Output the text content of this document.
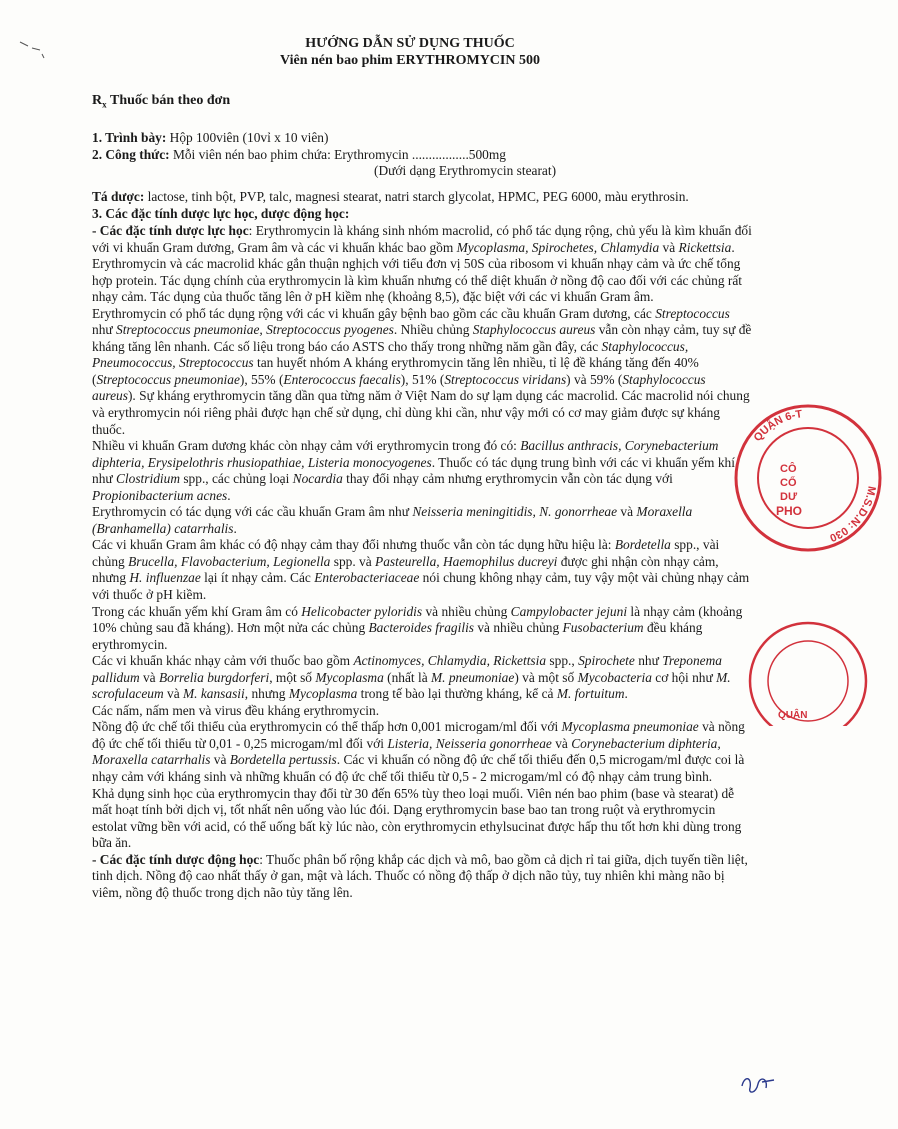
HƯỚNG DẪN SỬ DỤNG THUỐC
Viên nén bao phim ERYTHROMYCIN 500

$R_x$ Thuốc bán theo đơn

1. Trình bày: Hộp 100viên (10vỉ x 10 viên)

2. Công thức: Mỗi viên nén bao phim chứa: Erythromycin .................500mg

(Dưới dạng Erythromycin stearat)

Tá dược: lactose, tinh bột, PVP, talc, magnesi stearat, natri starch glycolat, HPMC, PEG 6000, màu erythrosin.

3. Các đặc tính dược lực học, dược động học:

- Các đặc tính dược lực học: Erythromycin là kháng sinh nhóm macrolid, có phổ tác dụng rộng, chủ yếu là kìm khuẩn đối với vi khuẩn Gram dương, Gram âm và các vi khuẩn khác bao gồm Mycoplasma, Spirochetes, Chlamydia và Rickettsia.

Erythromycin và các macrolid khác gắn thuận nghịch với tiểu đơn vị 50S của ribosom vi khuẩn nhạy cảm và ức chế tổng hợp protein. Tác dụng chính của erythromycin là kìm khuẩn nhưng có thể diệt khuẩn ở nồng độ cao đối với các chủng rất nhạy cảm. Tác dụng của thuốc tăng lên ở pH kiềm nhẹ (khoảng 8,5), đặc biệt với các vi khuẩn Gram âm.

Erythromycin có phổ tác dụng rộng với các vi khuẩn gây bệnh bao gồm các cầu khuẩn Gram dương, các Streptococcus như Streptococcus pneumoniae, Streptococcus pyogenes. Nhiều chủng Staphylococcus aureus vẫn còn nhạy cảm, tuy sự đề kháng tăng lên nhanh. Các số liệu trong báo cáo ASTS cho thấy trong những năm gần đây, các Staphylococcus, Pneumococcus, Streptococcus tan huyết nhóm A kháng erythromycin tăng lên nhiều, tỉ lệ đề kháng tăng đến 40% (Streptococcus pneumoniae), 55% (Enterococcus faecalis), 51% (Streptococcus viridans) và 59% (Staphylococcus aureus). Sự kháng erythromycin tăng dần qua từng năm ở Việt Nam do sự lạm dụng các macrolid. Các macrolid nói chung và erythromycin nói riêng phải được hạn chế sử dụng, chỉ dùng khi cần, như vậy mới có cơ may giảm được sự kháng thuốc.

Nhiều vi khuẩn Gram dương khác còn nhạy cảm với erythromycin trong đó có: Bacillus anthracis, Corynebacterium diphteria, Erysipelothris rhusiopathiae, Listeria monocyogenes. Thuốc có tác dụng trung bình với các vi khuẩn yếm khí như Clostridium spp., các chủng loại Nocardia thay đổi nhạy cảm nhưng erythromycin vẫn còn tác dụng với Propionibacterium acnes.

Erythromycin có tác dụng với các cầu khuẩn Gram âm như Neisseria meningitidis, N. gonorrheae và Moraxella (Branhamella) catarrhalis.

Các vi khuẩn Gram âm khác có độ nhạy cảm thay đổi nhưng thuốc vẫn còn tác dụng hữu hiệu là: Bordetella spp., vài chủng Brucella, Flavobacterium, Legionella spp. và Pasteurella, Haemophilus ducreyi được ghi nhận còn nhạy cảm, nhưng H. influenzae lại ít nhạy cảm. Các Enterobacteriaceae nói chung không nhạy cảm, tuy vậy một vài chủng nhạy cảm với thuốc ở pH kiềm.

Trong các khuẩn yếm khí Gram âm có Helicobacter pyloridis và nhiều chủng Campylobacter jejuni là nhạy cảm (khoảng 10% chủng sau đã kháng). Hơn một nửa các chủng Bacteroides fragilis và nhiều chủng Fusobacterium đều kháng erythromycin.

Các vi khuẩn khác nhạy cảm với thuốc bao gồm Actinomyces, Chlamydia, Rickettsia spp., Spirochete như Treponema pallidum và Borrelia burgdorferi, một số Mycoplasma (nhất là M. pneumoniae) và một số Mycobacteria cơ hội như M. scrofulaceum và M. kansasii, nhưng Mycoplasma trong tế bào lại thường kháng, kể cả M. fortuitum.

Các nấm, nấm men và virus đều kháng erythromycin.

Nồng độ ức chế tối thiểu của erythromycin có thể thấp hơn 0,001 microgam/ml đối với Mycoplasma pneumoniae và nồng độ ức chế tối thiểu từ 0,01 - 0,25 microgam/ml đối với Listeria, Neisseria gonorrheae và Corynebacterium diphteria, Moraxella catarrhalis và Bordetella pertussis. Các vi khuẩn có nồng độ ức chế tối thiểu đến 0,5 microgam/ml được coi là nhạy cảm với kháng sinh và những khuẩn có độ ức chế tối thiểu từ 0,5 - 2 microgam/ml có độ nhạy cảm trung bình.

Khả dụng sinh học của erythromycin thay đổi từ 30 đến 65% tùy theo loại muối. Viên nén bao phim (base và stearat) dễ mất hoạt tính bởi dịch vị, tốt nhất nên uống vào lúc đói. Dạng erythromycin base bao tan trong ruột và erythromycin estolat vững bền với acid, có thể uống bất kỳ lúc nào, còn erythromycin ethylsucinat được hấp thu tốt hơn khi dùng trong bữa ăn.

- Các đặc tính dược động học: Thuốc phân bố rộng khắp các dịch và mô, bao gồm cả dịch rỉ tai giữa, dịch tuyến tiền liệt, tinh dịch. Nồng độ cao nhất thấy ở gan, mật và lách. Thuốc có nồng độ thấp ở dịch não tủy, tuy nhiên khi màng não bị viêm, nồng độ thuốc trong dịch não tủy tăng lên.

M.S.D.N: 030
QUẬN 6-T
CÔ
CỔ
DƯ
PHO
QUẬN
